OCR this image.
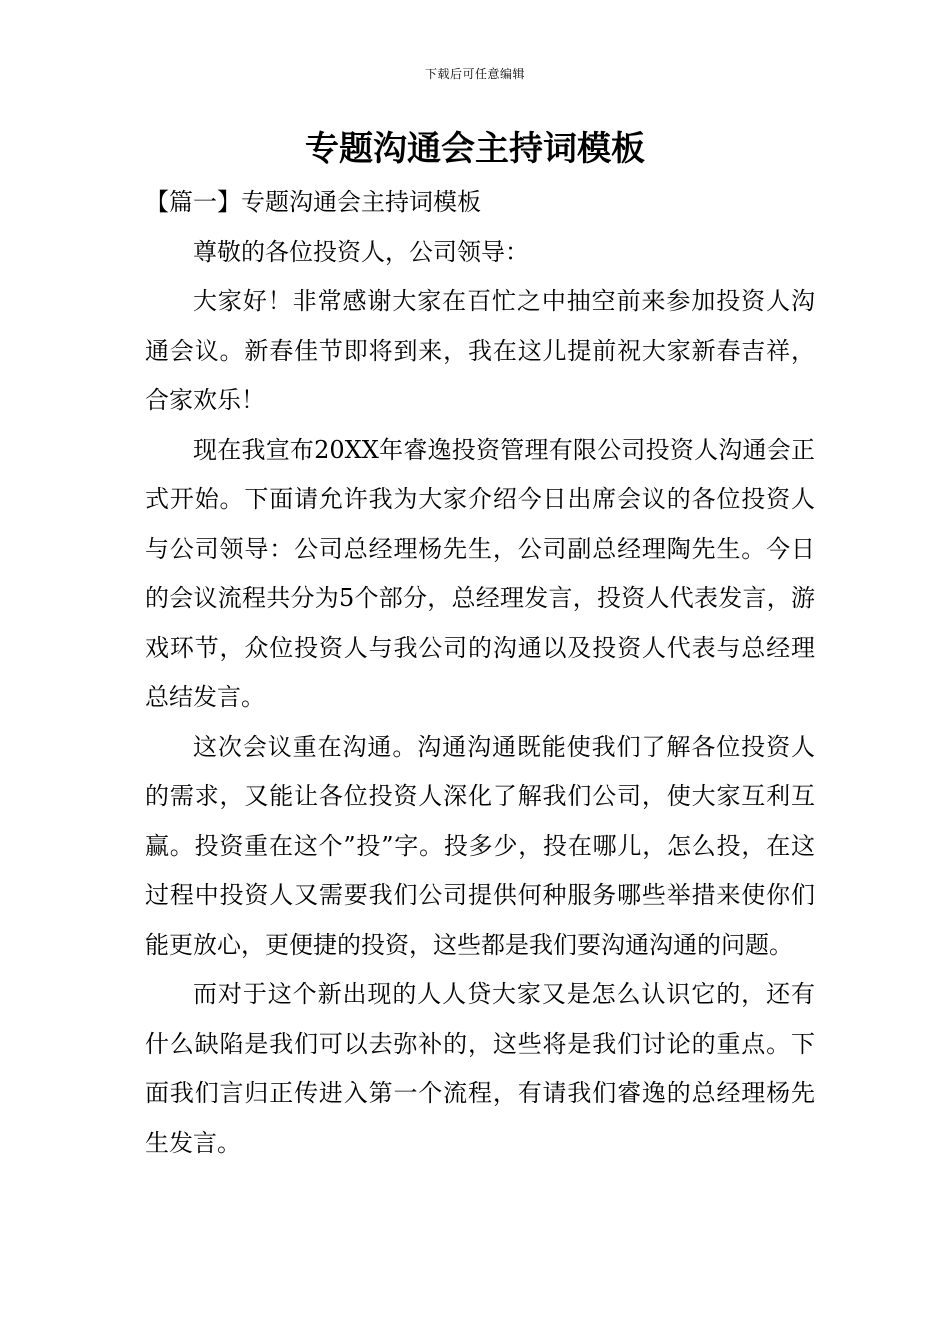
下载后可任意编辑
专题沟通会主持词模板

【篇一】专题沟通会主持词模板

尊敬的各位投资人，公司领导：

大家好！非常感谢大家在百忙之中抽空前来参加投资人沟通会议。新春佳节即将到来，我在这儿提前祝大家新春吉祥，合家欢乐！

现在我宣布20XX年睿逸投资管理有限公司投资人沟通会正式开始。下面请允许我为大家介绍今日出席会议的各位投资人与公司领导：公司总经理杨先生，公司副总经理陶先生。今日的会议流程共分为5个部分，总经理发言，投资人代表发言，游戏环节，众位投资人与我公司的沟通以及投资人代表与总经理总结发言。

这次会议重在沟通。沟通沟通既能使我们了解各位投资人的需求，又能让各位投资人深化了解我们公司，使大家互利互赢。投资重在这个”投”字。投多少，投在哪儿，怎么投，在这过程中投资人又需要我们公司提供何种服务哪些举措来使你们能更放心，更便捷的投资，这些都是我们要沟通沟通的问题。

而对于这个新出现的人人贷大家又是怎么认识它的，还有什么缺陷是我们可以去弥补的，这些将是我们讨论的重点。下面我们言归正传进入第一个流程，有请我们睿逸的总经理杨先生发言。
